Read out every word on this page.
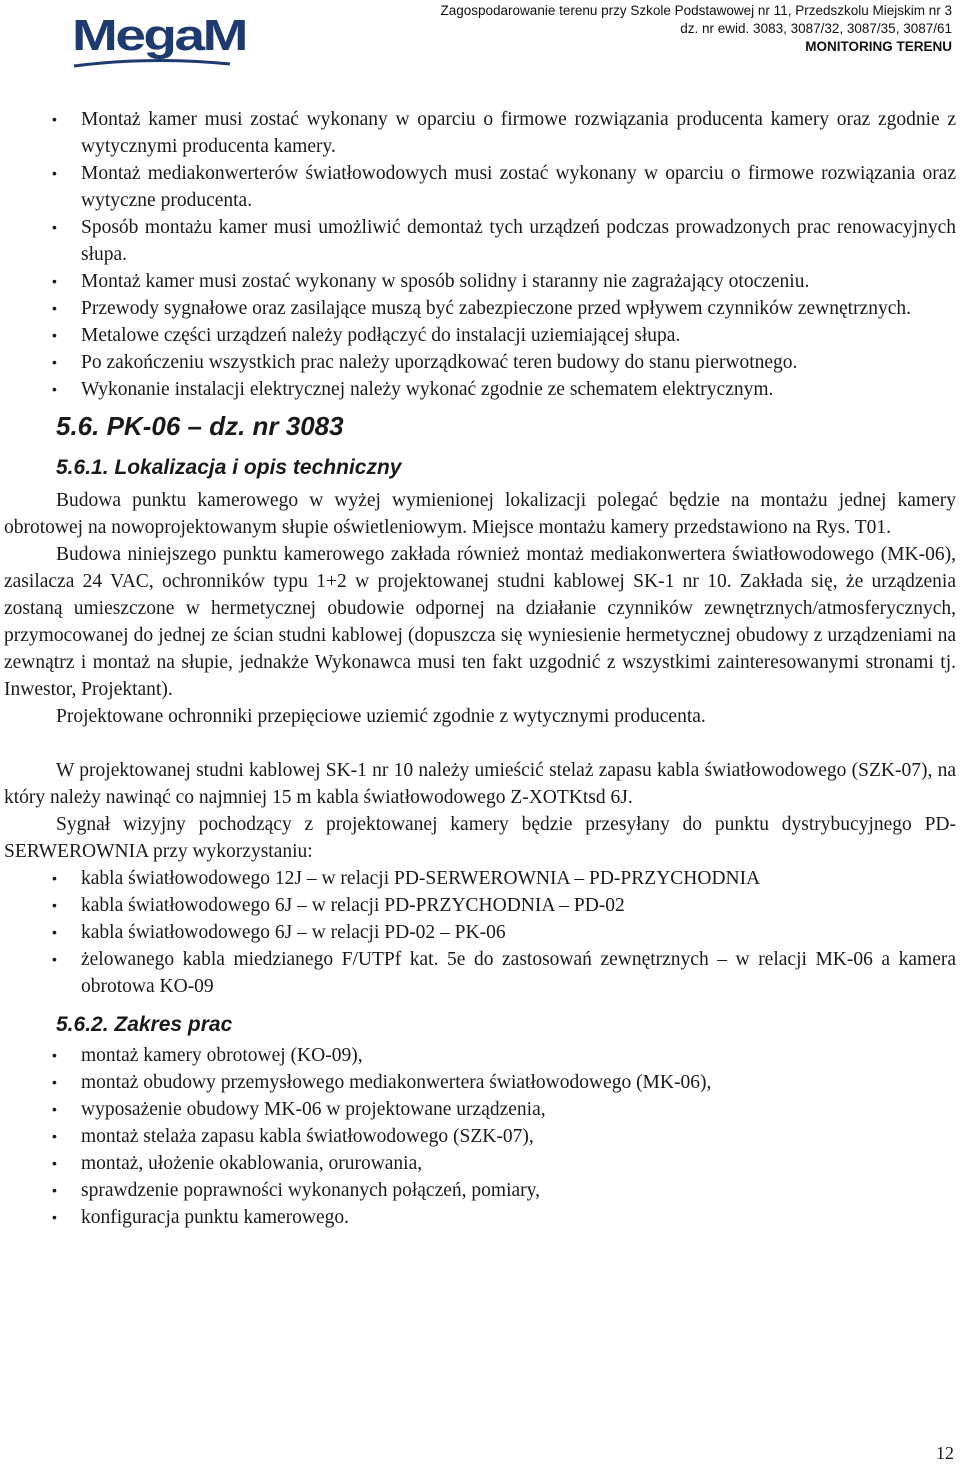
MegaM
Zagospodarowanie terenu przy Szkole Podstawowej nr 11, Przedszkolu Miejskim nr 3
dz. nr ewid. 3083, 3087/32, 3087/35, 3087/61
MONITORING TERENU
• Montaż kamer musi zostać wykonany w oparciu o firmowe rozwiązania producenta kamery oraz zgodnie z wytycznymi producenta kamery.
• Montaż mediakonwerterów światłowodowych musi zostać wykonany w oparciu o firmowe rozwiązania oraz wytyczne producenta.
• Sposób montażu kamer musi umożliwić demontaż tych urządzeń podczas prowadzonych prac renowacyjnych słupa.
• Montaż kamer musi zostać wykonany w sposób solidny i staranny nie zagrażający otoczeniu.
• Przewody sygnałowe oraz zasilające muszą być zabezpieczone przed wpływem czynników zewnętrznych.
• Metalowe części urządzeń należy podłączyć do instalacji uziemiającej słupa.
• Po zakończeniu wszystkich prac należy uporządkować teren budowy do stanu pierwotnego.
• Wykonanie instalacji elektrycznej należy wykonać zgodnie ze schematem elektrycznym.
5.6. PK-06 – dz. nr 3083
5.6.1. Lokalizacja i opis techniczny

Budowa punktu kamerowego w wyżej wymienionej lokalizacji polegać będzie na montażu jednej kamery obrotowej na nowoprojektowanym słupie oświetleniowym. Miejsce montażu kamery przedstawiono na Rys. T01.

Budowa niniejszego punktu kamerowego zakłada również montaż mediakonwertera światłowodowego (MK-06), zasilacza 24 VAC, ochronników typu 1+2 w projektowanej studni kablowej SK-1 nr 10. Zakłada się, że urządzenia zostaną umieszczone w hermetycznej obudowie odpornej na działanie czynników zewnętrznych/atmosferycznych, przymocowanej do jednej ze ścian studni kablowej (dopuszcza się wyniesienie hermetycznej obudowy z urządzeniami na zewnątrz i montaż na słupie, jednakże Wykonawca musi ten fakt uzgodnić z wszystkimi zainteresowanymi stronami tj. Inwestor, Projektant).

Projektowane ochronniki przepięciowe uziemić zgodnie z wytycznymi producenta.

W projektowanej studni kablowej SK-1 nr 10 należy umieścić stelaż zapasu kabla światłowodowego (SZK-07), na który należy nawinąć co najmniej 15 m kabla światłowodowego Z-XOTKtsd 6J.

Sygnał wizyjny pochodzący z projektowanej kamery będzie przesyłany do punktu dystrybucyjnego PD-SERWEROWNIA przy wykorzystaniu:

• kabla światłowodowego 12J – w relacji PD-SERWEROWNIA – PD-PRZYCHODNIA
• kabla światłowodowego 6J – w relacji PD-PRZYCHODNIA – PD-02
• kabla światłowodowego 6J – w relacji PD-02 – PK-06
• żelowanego kabla miedzianego F/UTPf kat. 5e do zastosowań zewnętrznych – w relacji MK-06 a kamera obrotowa KO-09
5.6.2. Zakres prac
• montaż kamery obrotowej (KO-09),
• montaż obudowy przemysłowego mediakonwertera światłowodowego (MK-06),
• wyposażenie obudowy MK-06 w projektowane urządzenia,
• montaż stelaża zapasu kabla światłowodowego (SZK-07),
• montaż, ułożenie okablowania, orurowania,
• sprawdzenie poprawności wykonanych połączeń, pomiary,
• konfiguracja punktu kamerowego.
12
